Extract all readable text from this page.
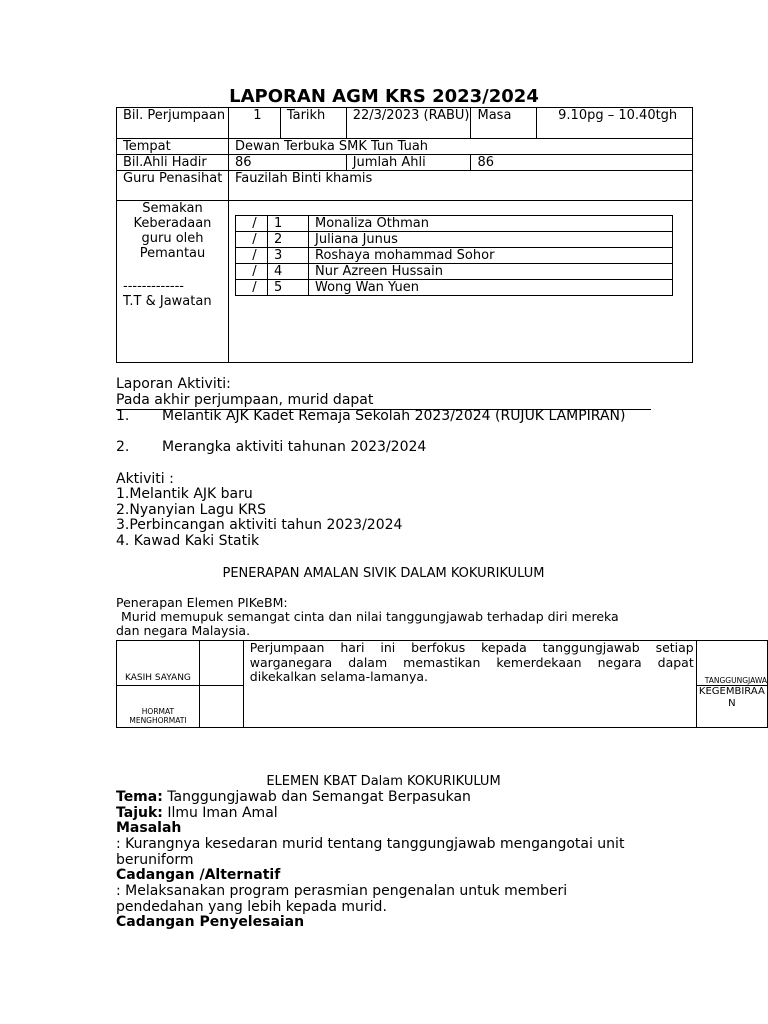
LAPORAN AGM KRS 2023/2024
Bil. Perjumpaan	1	Tarikh	22/3/2023 (RABU)	Masa	9.10pg – 10.40tgh
Tempat	Dewan Terbuka SMK Tun Tuah				
Bil.Ahli Hadir	86		Jumlah Ahli	86	
Guru Penasihat	Fauzilah Binti khamis				

Semakan Keberadaan guru oleh Pemantau
-------------
T.T & Jawatan					

/	1	Monaliza Othman
/	2	Juliana Junus
/	3	Roshaya mohammad Sohor
/	4	Nur Azreen Hussain
/	5	Wong Wan Yuen
Laporan Aktiviti:
Pada akhir perjumpaan, murid dapat
1. Melantik AJK Kadet Remaja Sekolah 2023/2024 (RUJUK LAMPIRAN)
2. Merangka aktiviti tahunan 2023/2024
Aktiviti :
1.Melantik AJK baru
2.Nyanyian Lagu KRS
3.Perbincangan aktiviti tahun 2023/2024
4. Kawad Kaki Statik
PENERAPAN AMALAN SIVIK DALAM KOKURIKULUM
Penerapan Elemen PIKeBM:
Murid memupuk semangat cinta dan nilai tanggungjawab terhadap diri mereka
dan negara Malaysia.
KASIH SAYANG		Perjumpaan hari ini berfokus kepada tanggungjawab setiap warganegara dalam memastikan kemerdekaan negara dapat dikekalkan selama-lamanya.	TANGGUNGJAWA

HORMAT MENGHORMATI			KEGEMBIRAAN
ELEMEN KBAT Dalam KOKURIKULUM
Tema: Tanggungjawab dan Semangat Berpasukan
Tajuk: Ilmu Iman Amal
Masalah
: Kurangnya kesedaran murid tentang tanggungjawab mengangotai unit beruniform
Cadangan /Alternatif
: Melaksanakan program perasmian pengenalan untuk memberi pendedahan yang lebih kepada murid.
Cadangan Penyelesaian
